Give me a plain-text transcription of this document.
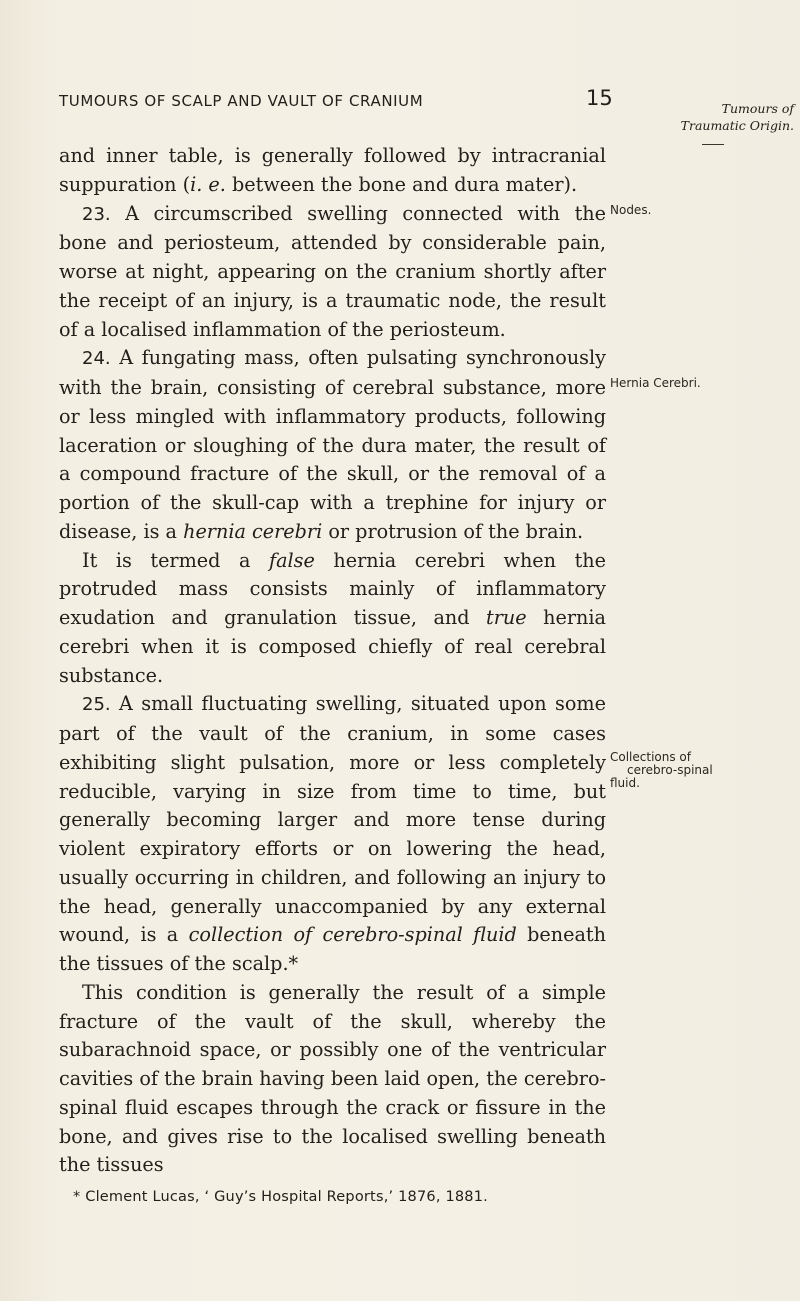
TUMOURS OF SCALP AND VAULT OF CRANIUM	15	Tumours of
Traumatic Origin.

and inner table, is generally followed by intracranial suppuration (i. e. between the bone and dura mater).

23. A circumscribed swelling connected with the bone and periosteum, attended by considerable pain, worse at night, appearing on the cranium shortly after the receipt of an injury, is a traumatic node, the result of a localised inflammation of the periosteum.

24. A fungating mass, often pulsating synchronously with the brain, consisting of cerebral substance, more or less mingled with inflammatory products, following laceration or sloughing of the dura mater, the result of a compound fracture of the skull, or the removal of a portion of the skull-cap with a trephine for injury or disease, is a hernia cerebri or protrusion of the brain.

It is termed a false hernia cerebri when the protruded mass consists mainly of inflammatory exudation and granulation tissue, and true hernia cerebri when it is composed chiefly of real cerebral substance.

25. A small fluctuating swelling, situated upon some part of the vault of the cranium, in some cases exhibiting slight pulsation, more or less completely reducible, varying in size from time to time, but generally becoming larger and more tense during violent expiratory efforts or on lowering the head, usually occurring in children, and following an injury to the head, generally unaccompanied by any external wound, is a collection of cerebro-spinal fluid beneath the tissues of the scalp.*

This condition is generally the result of a simple fracture of the vault of the skull, whereby the subarachnoid space, or possibly one of the ventricular cavities of the brain having been laid open, the cerebro-spinal fluid escapes through the crack or fissure in the bone, and gives rise to the localised swelling beneath the tissues

Nodes.
Hernia Cerebri.
Collections of
cerebro-spinal
fluid.
* Clement Lucas, ‘ Guy’s Hospital Reports,’ 1876, 1881.
